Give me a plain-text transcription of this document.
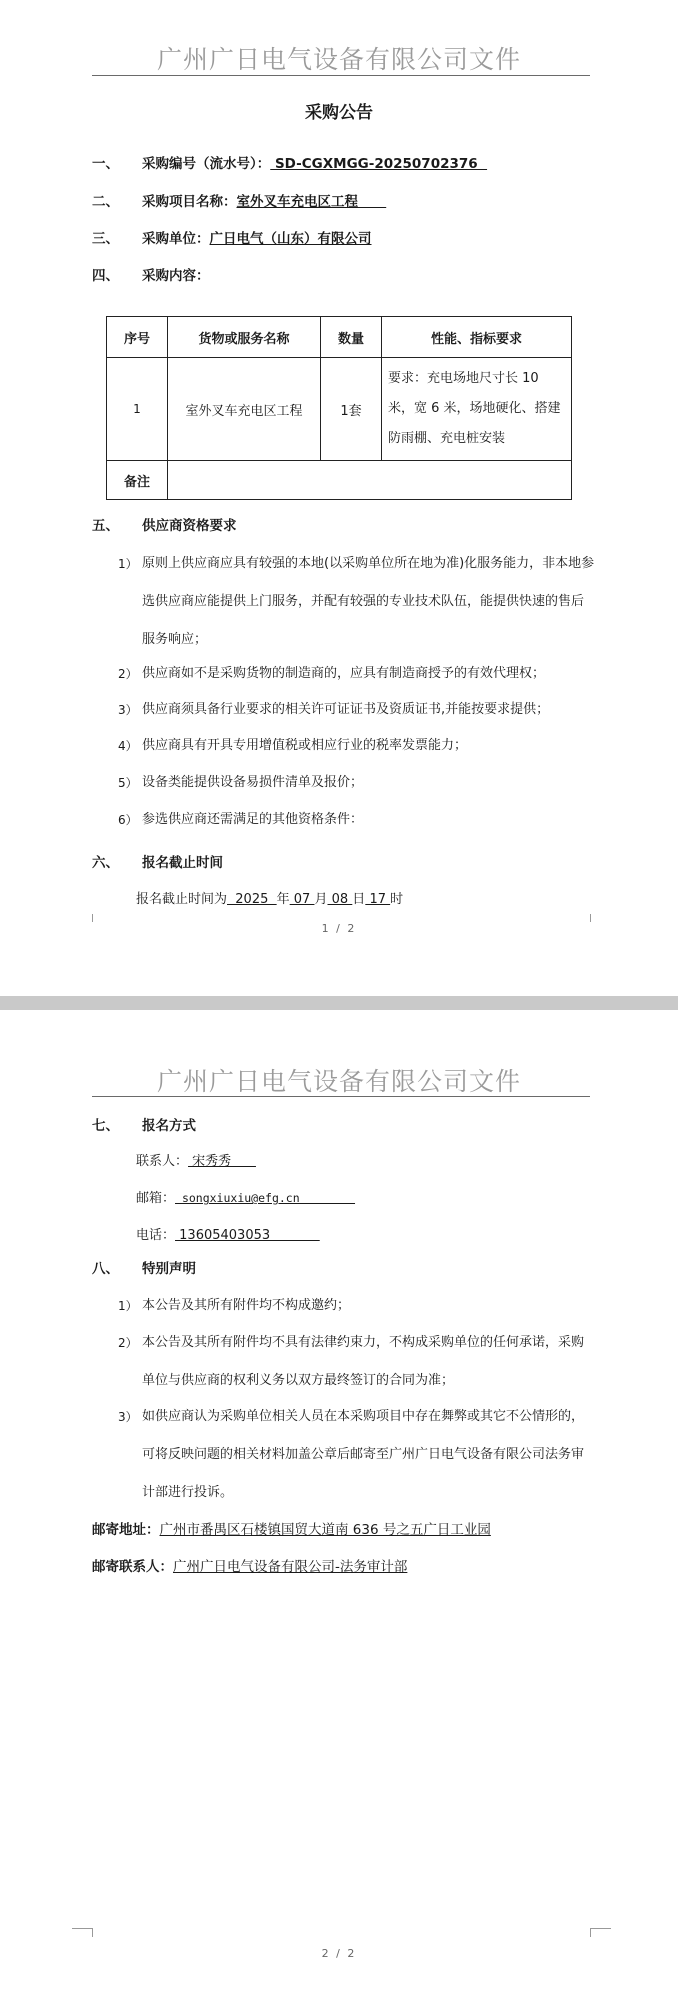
广州广日电气设备有限公司文件
采购公告
一、 采购编号（流水号）： SD-CGXMGG-20250702376
二、 采购项目名称：室外叉车充电区工程
三、 采购单位：广日电气（山东）有限公司
四、 采购内容：
序号	货物或服务名称	数量	性能、指标要求
1	室外叉车充电区工程	1套	要求：充电场地尺寸长 10 米，宽 6 米，场地硬化、搭建防雨棚、充电桩安装
备注			
五、 供应商资格要求
1） 原则上供应商应具有较强的本地(以采购单位所在地为准)化服务能力，非本地参选供应商应能提供上门服务，并配有较强的专业技术队伍，能提供快速的售后服务响应；
2） 供应商如不是采购货物的制造商的，应具有制造商授予的有效代理权；
3） 供应商须具备行业要求的相关许可证证书及资质证书,并能按要求提供；
4） 供应商具有开具专用增值税或相应行业的税率发票能力；
5） 设备类能提供设备易损件清单及报价；
6） 参选供应商还需满足的其他资格条件：
六、 报名截止时间
报名截止时间为  2025  年 07 月 08 日 17 时
1 / 2
广州广日电气设备有限公司文件
七、 报名方式
联系人： 宋秀秀
邮箱： songxiuxiu@efg.cn
电话： 13605403053
八、 特别声明
1） 本公告及其所有附件均不构成邀约；
2） 本公告及其所有附件均不具有法律约束力，不构成采购单位的任何承诺，采购单位与供应商的权利义务以双方最终签订的合同为准；
3） 如供应商认为采购单位相关人员在本采购项目中存在舞弊或其它不公情形的，可将反映问题的相关材料加盖公章后邮寄至广州广日电气设备有限公司法务审计部进行投诉。
邮寄地址：广州市番禺区石楼镇国贸大道南 636 号之五广日工业园
邮寄联系人：广州广日电气设备有限公司-法务审计部
2 / 2
